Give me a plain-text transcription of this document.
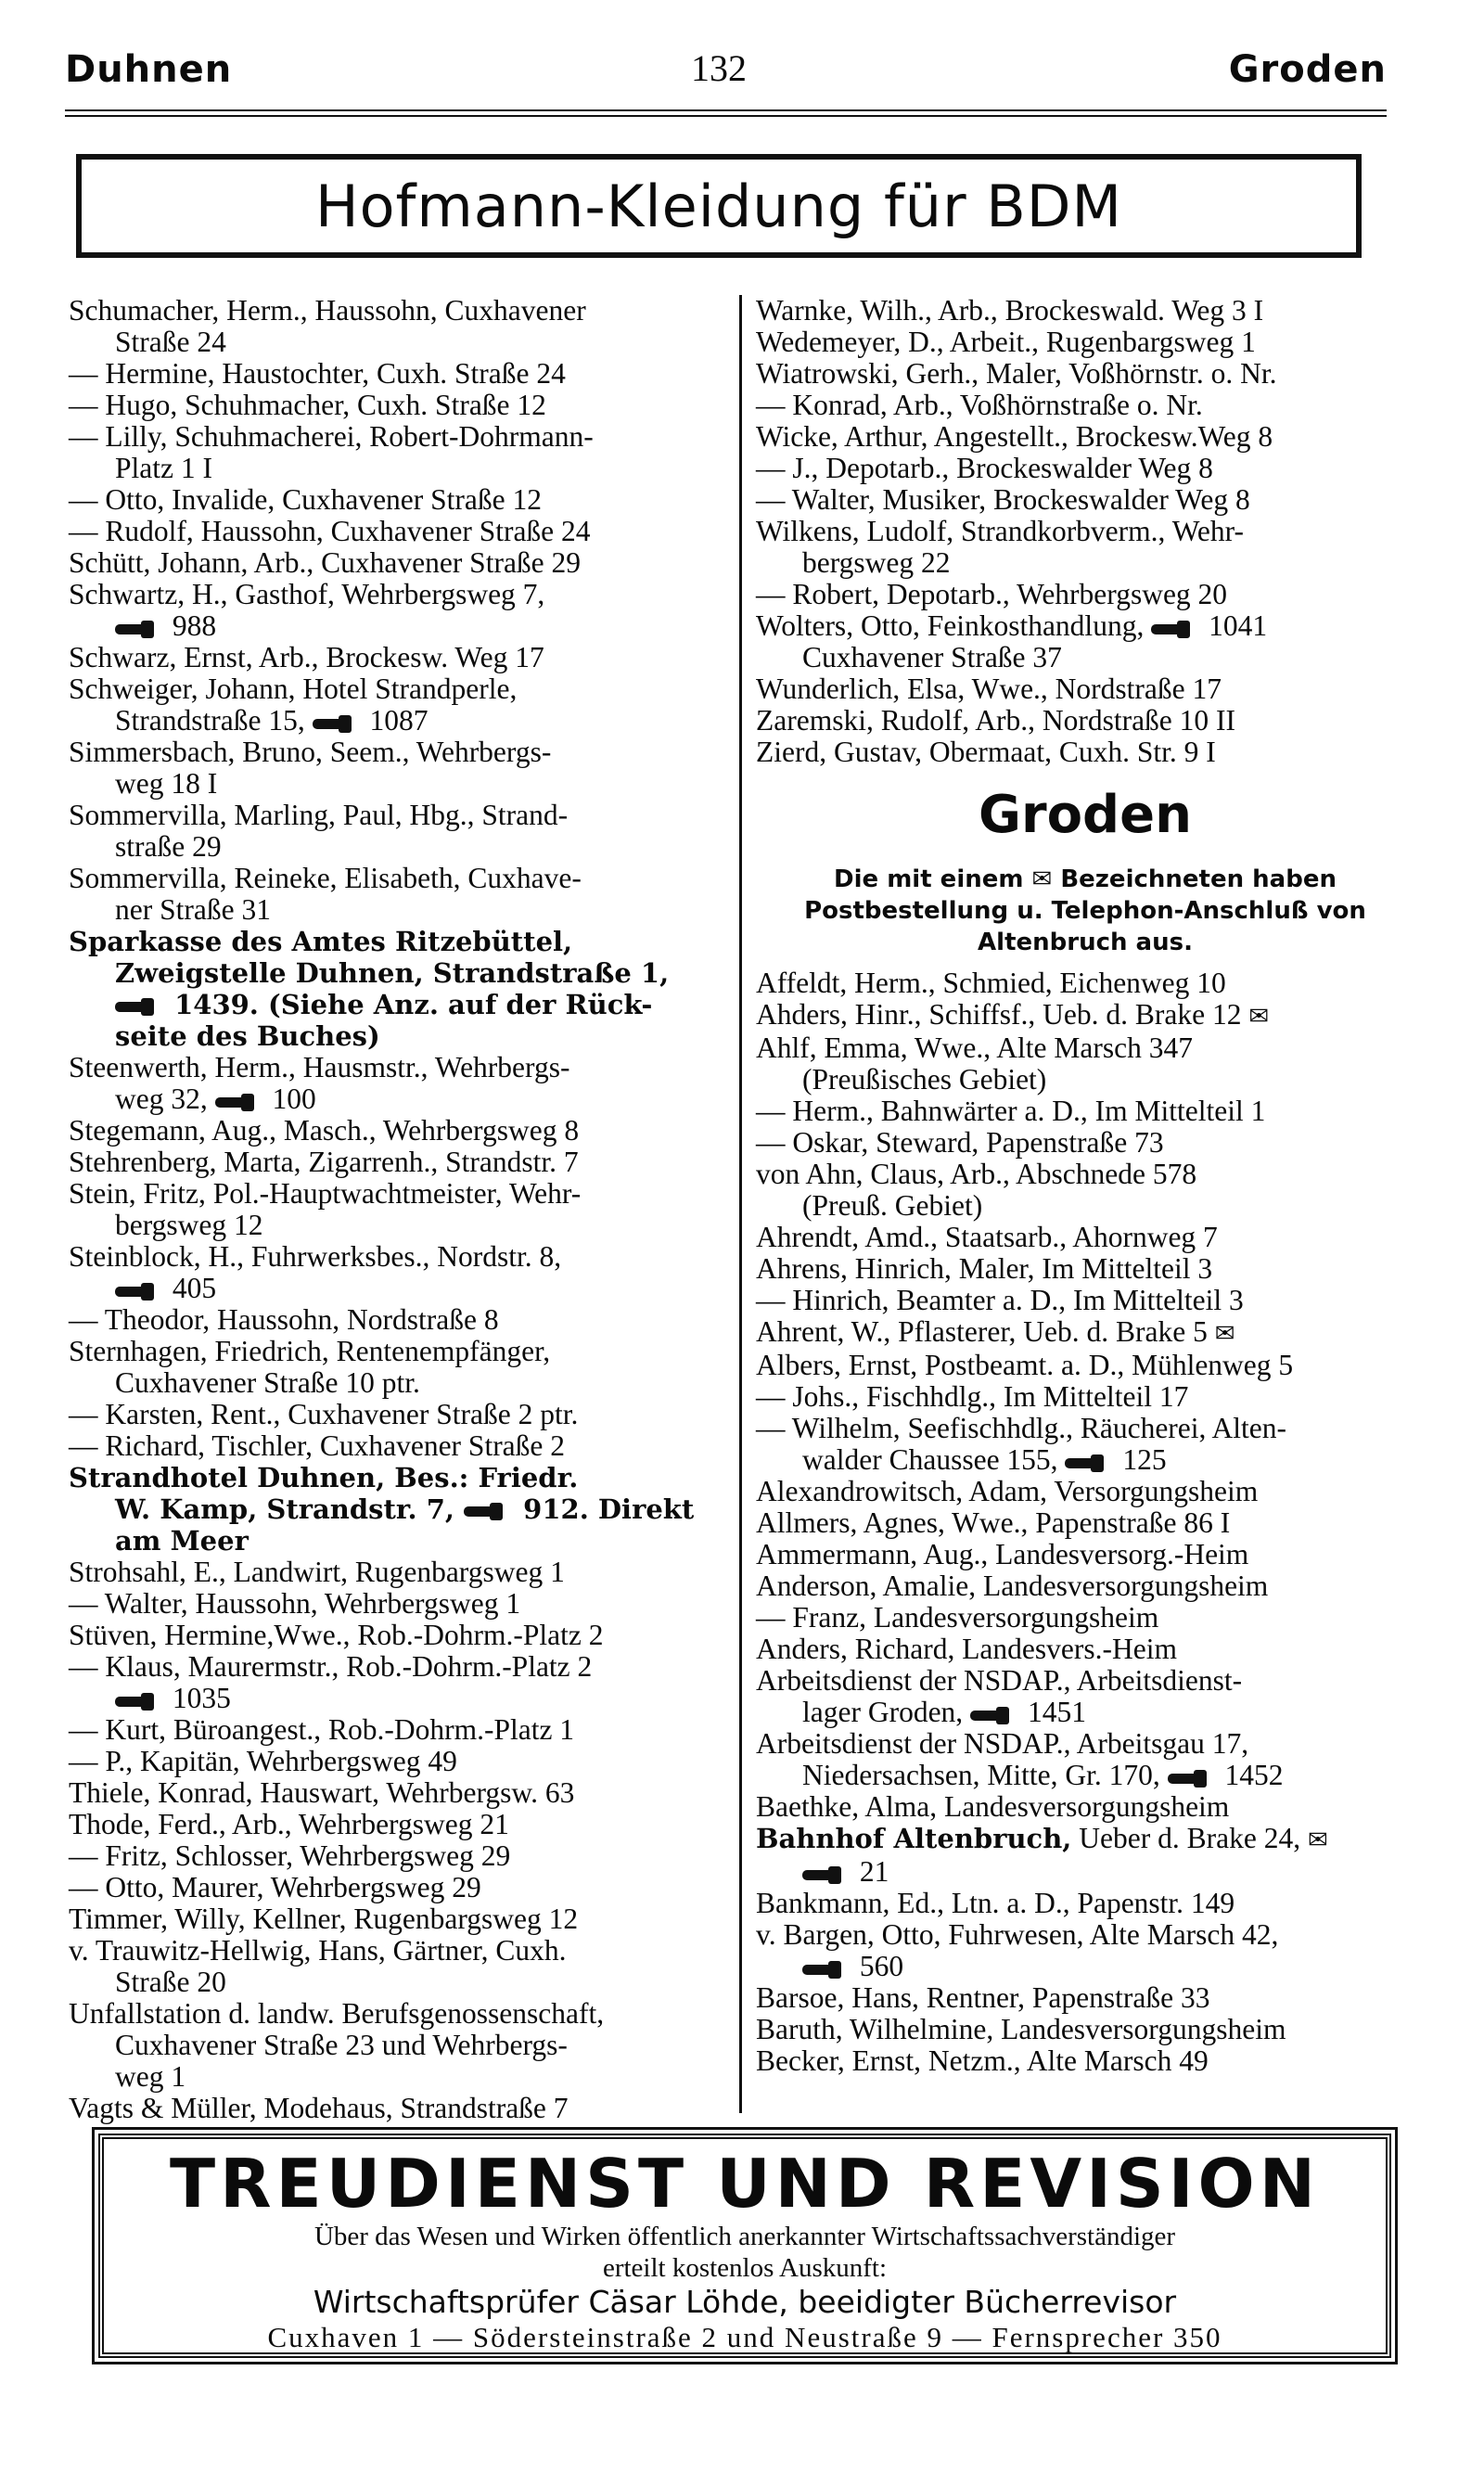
Duhnen	132	Groden
Hofmann-Kleidung für BDM
Schumacher, Herm., Haussohn, Cuxhavener
Straße 24
— Hermine, Haustochter, Cuxh. Straße 24
— Hugo, Schuhmacher, Cuxh. Straße 12
— Lilly, Schuhmacherei, Robert-Dohrmann-
Platz 1 I
— Otto, Invalide, Cuxhavener Straße 12
— Rudolf, Haussohn, Cuxhavener Straße 24
Schütt, Johann, Arb., Cuxhavener Straße 29
Schwartz, H., Gasthof, Wehrbergsweg 7,
988
Schwarz, Ernst, Arb., Brockesw. Weg 17
Schweiger, Johann, Hotel Strandperle,
Strandstraße 15,  1087
Simmersbach, Bruno, Seem., Wehrbergs-
weg 18 I
Sommervilla, Marling, Paul, Hbg., Strand-
straße 29
Sommervilla, Reineke, Elisabeth, Cuxhave-
ner Straße 31
Sparkasse des Amtes Ritzebüttel,
Zweigstelle Duhnen, Strandstraße 1,
1439. (Siehe Anz. auf der Rück-
seite des Buches)
Steenwerth, Herm., Hausmstr., Wehrbergs-
weg 32,  100
Stegemann, Aug., Masch., Wehrbergsweg 8
Stehrenberg, Marta, Zigarrenh., Strandstr. 7
Stein, Fritz, Pol.-Hauptwachtmeister, Wehr-
bergsweg 12
Steinblock, H., Fuhrwerksbes., Nordstr. 8,
405
— Theodor, Haussohn, Nordstraße 8
Sternhagen, Friedrich, Rentenempfänger,
Cuxhavener Straße 10 ptr.
— Karsten, Rent., Cuxhavener Straße 2 ptr.
— Richard, Tischler, Cuxhavener Straße 2
Strandhotel Duhnen, Bes.: Friedr.
W. Kamp, Strandstr. 7,  912. Direkt
am Meer
Strohsahl, E., Landwirt, Rugenbargsweg 1
— Walter, Haussohn, Wehrbergsweg 1
Stüven, Hermine,Wwe., Rob.-Dohrm.-Platz 2
— Klaus, Maurermstr., Rob.-Dohrm.-Platz 2
1035
— Kurt, Büroangest., Rob.-Dohrm.-Platz 1
— P., Kapitän, Wehrbergsweg 49
Thiele, Konrad, Hauswart, Wehrbergsw. 63
Thode, Ferd., Arb., Wehrbergsweg 21
— Fritz, Schlosser, Wehrbergsweg 29
— Otto, Maurer, Wehrbergsweg 29
Timmer, Willy, Kellner, Rugenbargsweg 12
v. Trauwitz-Hellwig, Hans, Gärtner, Cuxh.
Straße 20
Unfallstation d. landw. Berufsgenossenschaft,
Cuxhavener Straße 23 und Wehrbergs-
weg 1
Vagts & Müller, Modehaus, Strandstraße 7
Warnke, Wilh., Arb., Brockeswald. Weg 3 I
Wedemeyer, D., Arbeit., Rugenbargsweg 1
Wiatrowski, Gerh., Maler, Voßhörnstr. o. Nr.
— Konrad, Arb., Voßhörnstraße o. Nr.
Wicke, Arthur, Angestellt., Brockesw.Weg 8
— J., Depotarb., Brockeswalder Weg 8
— Walter, Musiker, Brockeswalder Weg 8
Wilkens, Ludolf, Strandkorbverm., Wehr-
bergsweg 22
— Robert, Depotarb., Wehrbergsweg 20
Wolters, Otto, Feinkosthandlung,  1041
Cuxhavener Straße 37
Wunderlich, Elsa, Wwe., Nordstraße 17
Zaremski, Rudolf, Arb., Nordstraße 10 II
Zierd, Gustav, Obermaat, Cuxh. Str. 9 I
Groden
Die mit einem ✉ Bezeichneten haben Postbestellung u. Telephon-Anschluß von Altenbruch aus.
Affeldt, Herm., Schmied, Eichenweg 10
Ahders, Hinr., Schiffsf., Ueb. d. Brake 12 ✉
Ahlf, Emma, Wwe., Alte Marsch 347
(Preußisches Gebiet)
— Herm., Bahnwärter a. D., Im Mittelteil 1
— Oskar, Steward, Papenstraße 73
von Ahn, Claus, Arb., Abschnede 578
(Preuß. Gebiet)
Ahrendt, Amd., Staatsarb., Ahornweg 7
Ahrens, Hinrich, Maler, Im Mittelteil 3
— Hinrich, Beamter a. D., Im Mittelteil 3
Ahrent, W., Pflasterer, Ueb. d. Brake 5 ✉
Albers, Ernst, Postbeamt. a. D., Mühlenweg 5
— Johs., Fischhdlg., Im Mittelteil 17
— Wilhelm, Seefischhdlg., Räucherei, Alten-
walder Chaussee 155,  125
Alexandrowitsch, Adam, Versorgungsheim
Allmers, Agnes, Wwe., Papenstraße 86 I
Ammermann, Aug., Landesversorg.-Heim
Anderson, Amalie, Landesversorgungsheim
— Franz, Landesversorgungsheim
Anders, Richard, Landesvers.-Heim
Arbeitsdienst der NSDAP., Arbeitsdienst-
lager Groden,  1451
Arbeitsdienst der NSDAP., Arbeitsgau 17,
Niedersachsen, Mitte, Gr. 170,  1452
Baethke, Alma, Landesversorgungsheim
Bahnhof Altenbruch, Ueber d. Brake 24, ✉
21
Bankmann, Ed., Ltn. a. D., Papenstr. 149
v. Bargen, Otto, Fuhrwesen, Alte Marsch 42,
560
Barsoe, Hans, Rentner, Papenstraße 33
Baruth, Wilhelmine, Landesversorgungsheim
Becker, Ernst, Netzm., Alte Marsch 49
TREUDIENST UND REVISION
Über das Wesen und Wirken öffentlich anerkannter Wirtschaftssachverständiger
erteilt kostenlos Auskunft:
Wirtschaftsprüfer Cäsar Löhde, beeidigter Bücherrevisor
Cuxhaven 1 — Södersteinstraße 2 und Neustraße 9 — Fernsprecher 350
